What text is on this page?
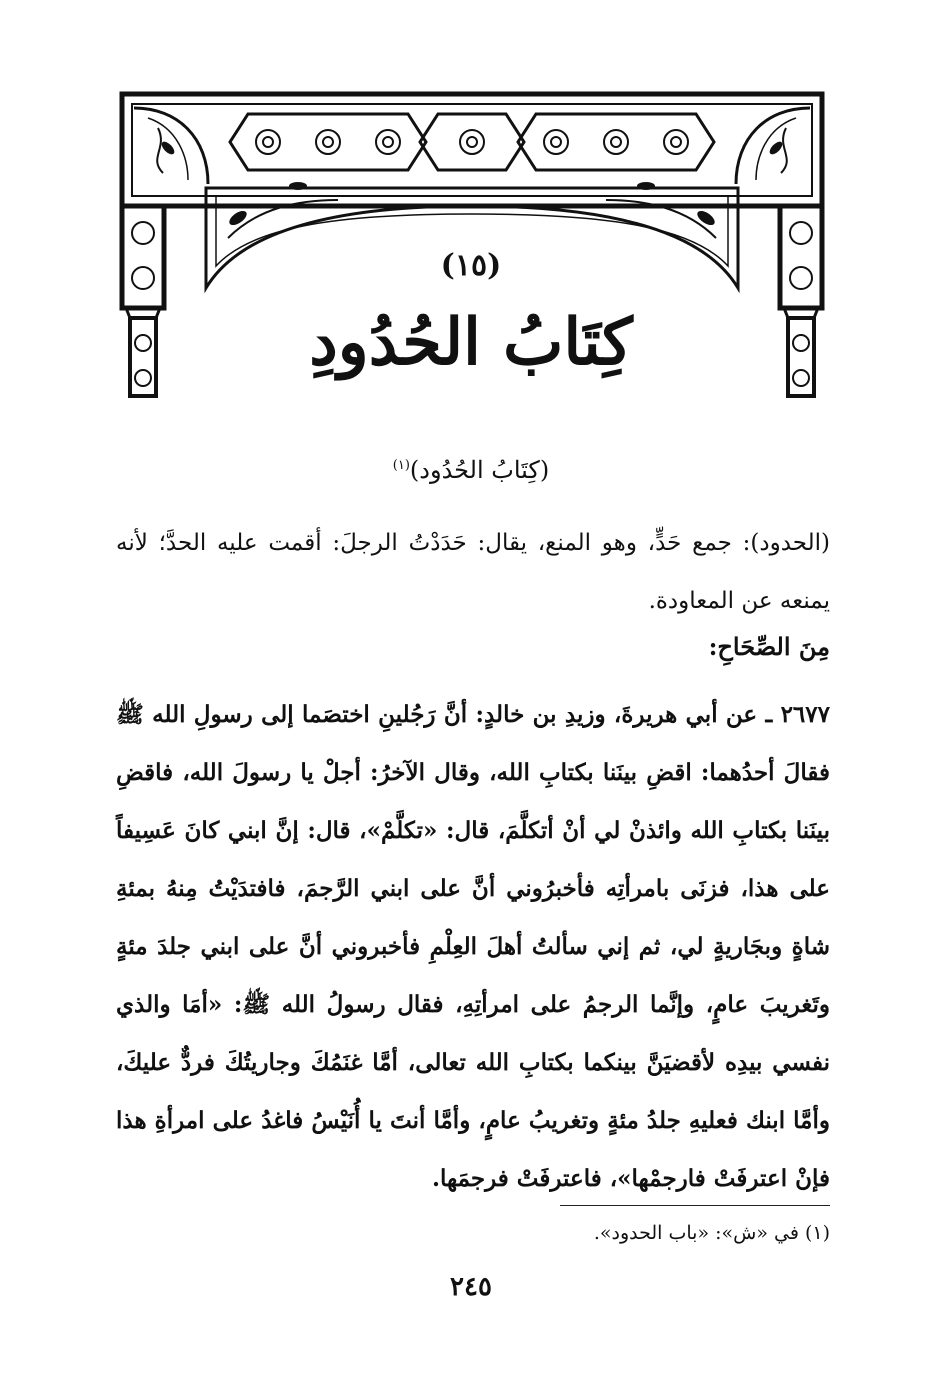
(١٥)
كِتَابُ الحُدُودِ
(كِتَابُ الحُدُود)$^{(١)}$
(الحدود): جمع حَدٍّ، وهو المنع، يقال: حَدَدْتُ الرجلَ: أقمت عليه الحدَّ؛ لأنه يمنعه عن المعاودة.
مِنَ الصِّحَاحِ:
٢٦٧٧ ـ عن أبي هريرةَ، وزيدِ بن خالدٍ: أنَّ رَجُلينِ اختصَما إلى رسولِ الله ﷺ فقالَ أحدُهما: اقضِ بينَنا بكتابِ الله، وقال الآخرُ: أجلْ يا رسولَ الله، فاقضِ بينَنا بكتابِ الله وائذنْ لي أنْ أتكلَّمَ، قال: «تكلَّمْ»، قال: إنَّ ابني كانَ عَسِيفاً على هذا، فزنَى بامرأتِه فأخبرُوني أنَّ على ابني الرَّجمَ، فافتدَيْتُ مِنهُ بمئةِ شاةٍ وبجَاريةٍ لي، ثم إني سألتُ أهلَ العِلْمِ فأخبروني أنَّ على ابني جلدَ مئةٍ وتَغريبَ عامٍ، وإنَّما الرجمُ على امرأتِهِ، فقال رسولُ الله ﷺ: «أمَا والذي نفسي بيدِه لأقضيَنَّ بينكما بكتابِ الله تعالى، أمَّا غنَمُكَ وجاريتُكَ فردٌّ عليكَ، وأمَّا ابنك فعليهِ جلدُ مئةٍ وتغريبُ عامٍ، وأمَّا أنتَ يا أُنَيْسُ فاغدُ على امرأةِ هذا فإنْ اعترفَتْ فارجمْها»، فاعترفَتْ فرجمَها.
(١) في «ش»: «باب الحدود».
٢٤٥
